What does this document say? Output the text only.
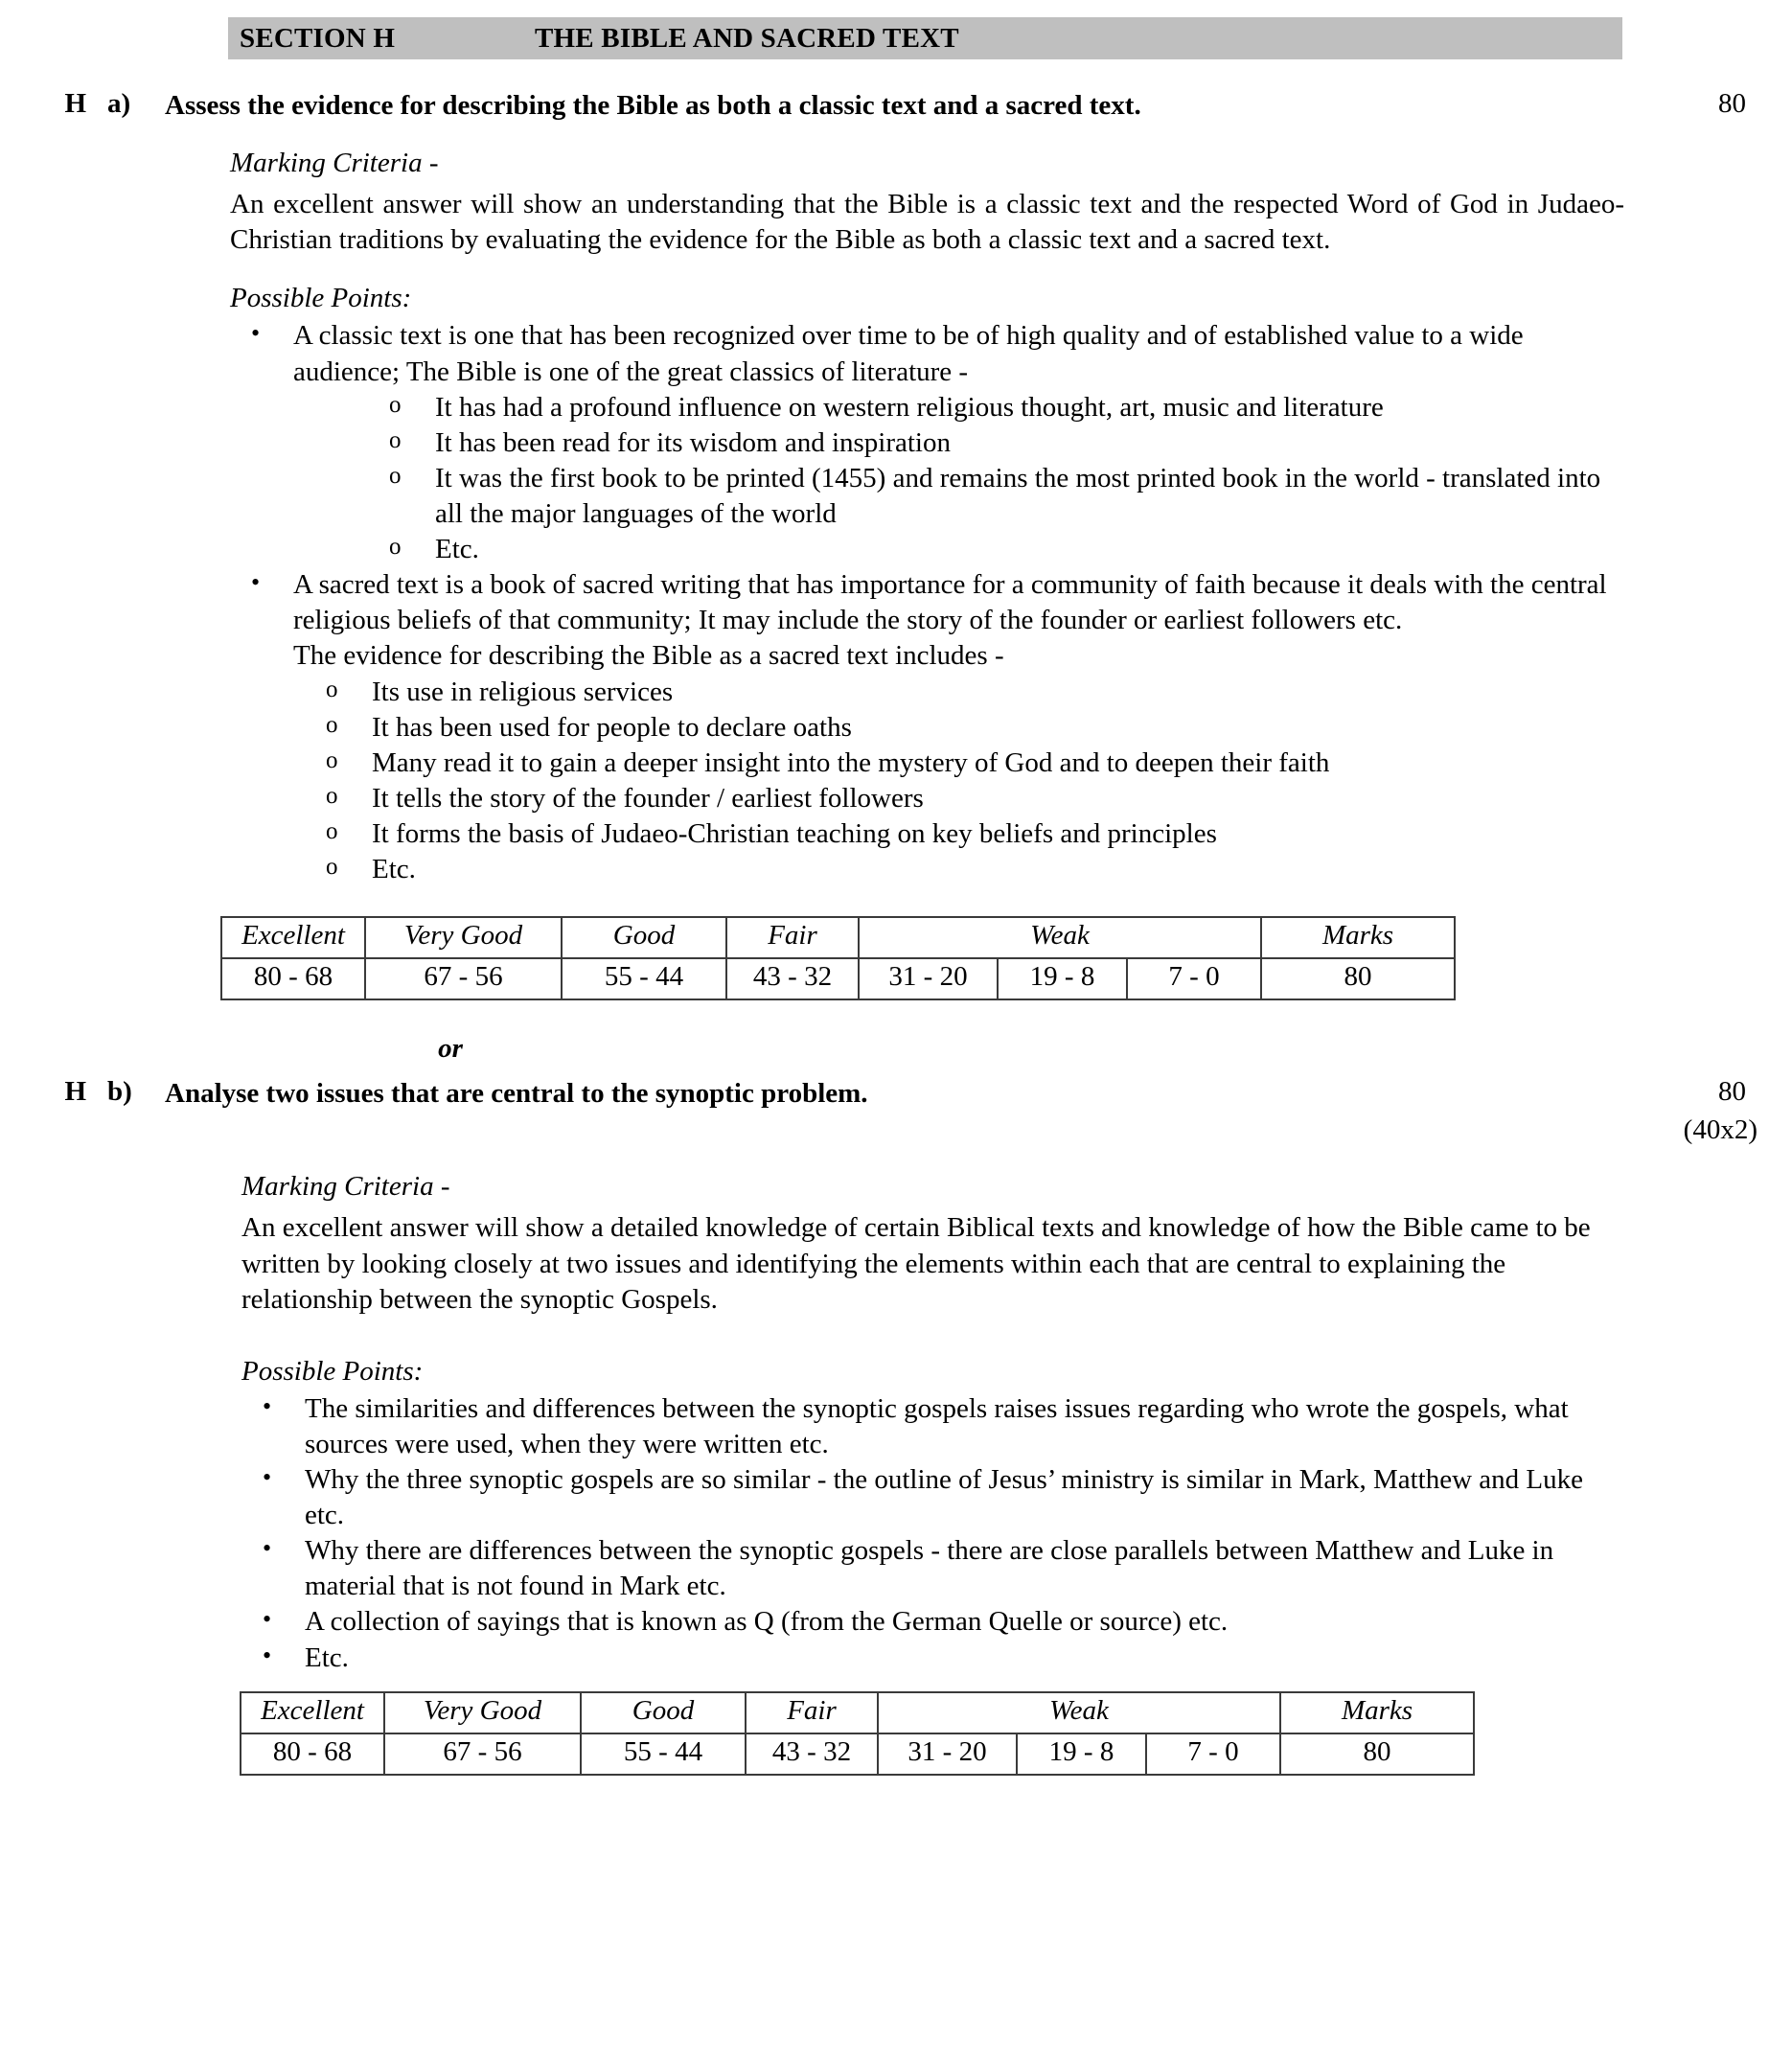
SECTION H	THE BIBLE AND SACRED TEXT
H a)	Assess the evidence for describing the Bible as both a classic text and a sacred text.	80
Marking Criteria -

An excellent answer will show an understanding that the Bible is a classic text and the respected Word of God in Judaeo-Christian traditions by evaluating the evidence for the Bible as both a classic text and a sacred text.

Possible Points:
• A classic text is one that has been recognized over time to be of high quality and of established value to a wide audience; The Bible is one of the great classics of literature -
o It has had a profound influence on western religious thought, art, music and literature
o It has been read for its wisdom and inspiration
o It was the first book to be printed (1455) and remains the most printed book in the world - translated into all the major languages of the world
o Etc.
• A sacred text is a book of sacred writing that has importance for a community of faith because it deals with the central religious beliefs of that community; It may include the story of the founder or earliest followers etc.
The evidence for describing the Bible as a sacred text includes -
o Its use in religious services
o It has been used for people to declare oaths
o Many read it to gain a deeper insight into the mystery of God and to deepen their faith
o It tells the story of the founder / earliest followers
o It forms the basis of Judaeo-Christian teaching on key beliefs and principles
o Etc.
Excellent	Very Good	Good	Fair	Weak			Marks
80 - 68	67 - 56	55 - 44	43 - 32	31 - 20	19 - 8	7 - 0	80
or
H b)	Analyse two issues that are central to the synoptic problem.	80
(40x2)
Marking Criteria -

An excellent answer will show a detailed knowledge of certain Biblical texts and knowledge of how the Bible came to be written by looking closely at two issues and identifying the elements within each that are central to explaining the relationship between the synoptic Gospels.

Possible Points:
• The similarities and differences between the synoptic gospels raises issues regarding who wrote the gospels, what sources were used, when they were written etc.
• Why the three synoptic gospels are so similar - the outline of Jesus’ ministry is similar in Mark, Matthew and Luke etc.
• Why there are differences between the synoptic gospels - there are close parallels between Matthew and Luke in material that is not found in Mark etc.
• A collection of sayings that is known as Q (from the German Quelle or source) etc.
• Etc.
Excellent	Very Good	Good	Fair	Weak			Marks
80 - 68	67 - 56	55 - 44	43 - 32	31 - 20	19 - 8	7 - 0	80
